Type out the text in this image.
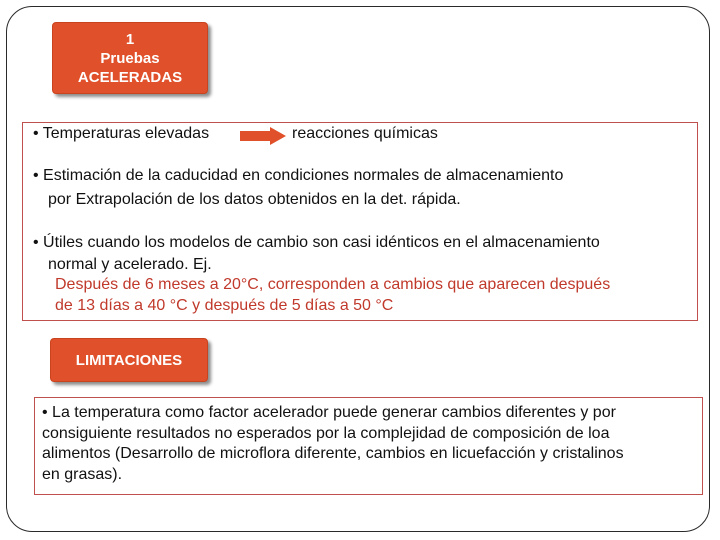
1
Pruebas
ACELERADAS
• Temperaturas elevadas	reacciones químicas
• Estimación de la caducidad en condiciones normales de almacenamiento
por Extrapolación de los datos obtenidos en la det. rápida.
• Útiles cuando los modelos de cambio son casi idénticos en el almacenamiento
normal y acelerado. Ej.
Después de 6 meses a 20°C, corresponden a cambios que aparecen después
de 13 días a 40 °C y después de 5 días a 50 °C
LIMITACIONES
• La temperatura como factor acelerador puede generar cambios diferentes y por
consiguiente resultados no esperados por la complejidad de composición de loa
alimentos (Desarrollo de microflora diferente, cambios en licuefacción y cristalinos
en grasas).
